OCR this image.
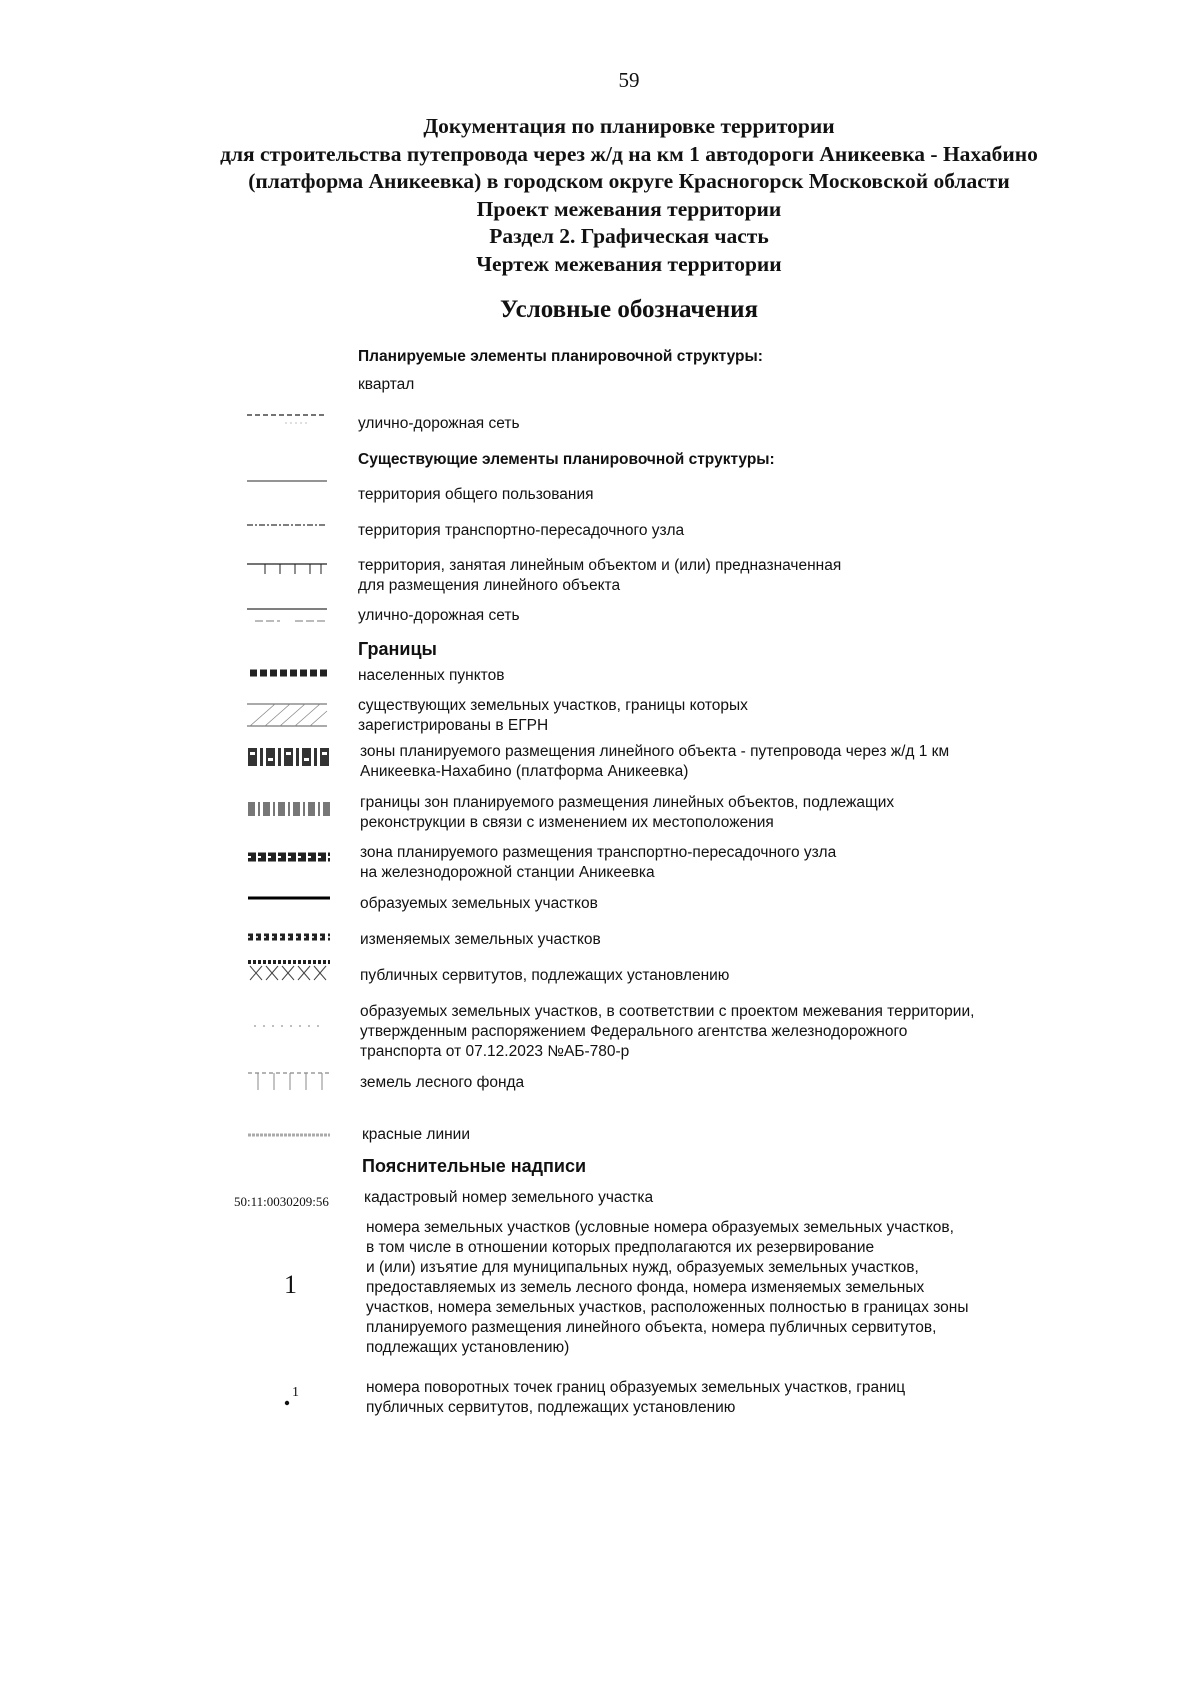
59
Документация по планировке территории
для строительства путепровода через ж/д на км 1 автодороги Аникеевка - Нахабино
(платформа Аникеевка) в городском округе Красногорск Московской области
Проект межевания территории
Раздел 2. Графическая часть
Чертеж межевания территории
Условные обозначения
Планируемые элементы планировочной структуры:
квартал
улично-дорожная сеть
Существующие элементы планировочной структуры:
территория общего пользования
территория транспортно-пересадочного узла
территория, занятая линейным объектом и (или) предназначенная
для размещения линейного объекта
улично-дорожная сеть
Границы
населенных пунктов
существующих земельных участков, границы которых
зарегистрированы в ЕГРН
зоны планируемого размещения линейного объекта - путепровода через ж/д 1 км
Аникеевка-Нахабино (платформа Аникеевка)
границы зон планируемого размещения линейных объектов, подлежащих
реконструкции в связи с изменением их местоположения
зона планируемого размещения транспортно-пересадочного узла
на железнодорожной станции Аникеевка
образуемых земельных участков
изменяемых земельных участков
публичных сервитутов, подлежащих установлению
образуемых земельных участков, в соответствии с проектом межевания территории,
утвержденным распоряжением Федерального агентства железнодорожного
транспорта от 07.12.2023 №АБ-780-р
земель лесного фонда
красные линии
Пояснительные надписи
50:11:0030209:56 кадастровый номер земельного участка
1
номера земельных участков (условные номера образуемых земельных участков,
в том числе в отношении которых предполагаются их резервирование
и (или) изъятие для муниципальных нужд, образуемых земельных участков,
предоставляемых из земель лесного фонда, номера изменяемых земельных
участков, номера земельных участков, расположенных полностью в границах зоны
планируемого размещения линейного объекта, номера публичных сервитутов,
подлежащих установлению)
1	номера поворотных точек границ образуемых земельных участков, границ
публичных сервитутов, подлежащих установлению
